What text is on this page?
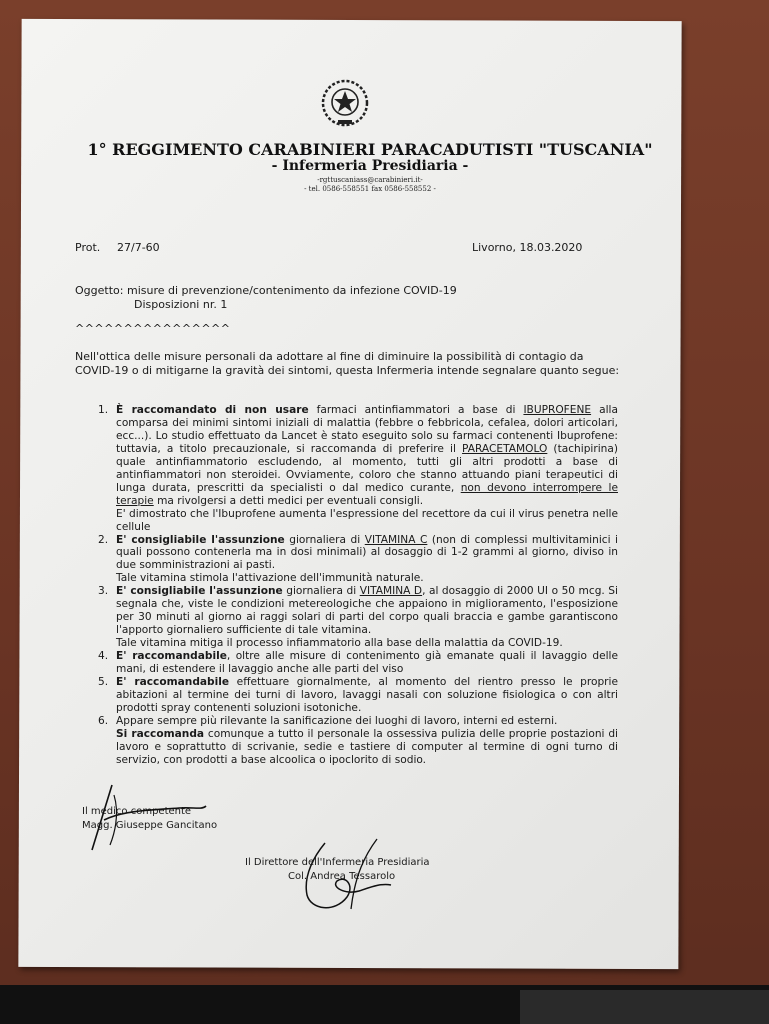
1° REGGIMENTO CARABINIERI PARACADUTISTI "TUSCANIA"
- Infermeria Presidiaria -
-rgttuscaniass@carabinieri.it-
- tel. 0586-558551 fax 0586-558552 -
Prot. 27/7-60	Livorno, 18.03.2020
Oggetto: misure di prevenzione/contenimento da infezione COVID-19
Disposizioni nr. 1
^^^^^^^^^^^^^^^^
Nell'ottica delle misure personali da adottare al fine di diminuire la possibilità di contagio da COVID-19 o di mitigarne la gravità dei sintomi, questa Infermeria intende segnalare quanto segue:
1. È raccomandato di non usare farmaci antinfiammatori a base di IBUPROFENE alla comparsa dei minimi sintomi iniziali di malattia (febbre o febbricola, cefalea, dolori articolari, ecc...). Lo studio effettuato da Lancet è stato eseguito solo su farmaci contenenti Ibuprofene: tuttavia, a titolo precauzionale, si raccomanda di preferire il PARACETAMOLO (tachipirina) quale antinfiammatorio escludendo, al momento, tutti gli altri prodotti a base di antinfiammatori non steroidei. Ovviamente, coloro che stanno attuando piani terapeutici di lunga durata, prescritti da specialisti o dal medico curante, non devono interrompere le terapie ma rivolgersi a detti medici per eventuali consigli.
E' dimostrato che l'Ibuprofene aumenta l'espressione del recettore da cui il virus penetra nelle cellule
2. E' consigliabile l'assunzione giornaliera di VITAMINA C (non di complessi multivitaminici i quali possono contenerla ma in dosi minimali) al dosaggio di 1-2 grammi al giorno, diviso in due somministrazioni ai pasti.
Tale vitamina stimola l'attivazione dell'immunità naturale.
3. E' consigliabile l'assunzione giornaliera di VITAMINA D, al dosaggio di 2000 UI o 50 mcg. Si segnala che, viste le condizioni metereologiche che appaiono in miglioramento, l'esposizione per 30 minuti al giorno ai raggi solari di parti del corpo quali braccia e gambe garantiscono l'apporto giornaliero sufficiente di tale vitamina.
Tale vitamina mitiga il processo infiammatorio alla base della malattia da COVID-19.
4. E' raccomandabile, oltre alle misure di contenimento già emanate quali il lavaggio delle mani, di estendere il lavaggio anche alle parti del viso
5. E' raccomandabile effettuare giornalmente, al momento del rientro presso le proprie abitazioni al termine dei turni di lavoro, lavaggi nasali con soluzione fisiologica o con altri prodotti spray contenenti soluzioni isotoniche.
6. Appare sempre più rilevante la sanificazione dei luoghi di lavoro, interni ed esterni.
Si raccomanda comunque a tutto il personale la ossessiva pulizia delle proprie postazioni di lavoro e soprattutto di scrivanie, sedie e tastiere di computer al termine di ogni turno di servizio, con prodotti a base alcoolica o ipoclorito di sodio.
Il medico competente
Magg. Giuseppe Gancitano
Il Direttore dell'Infermeria Presidiaria
Col. Andrea Tessarolo
